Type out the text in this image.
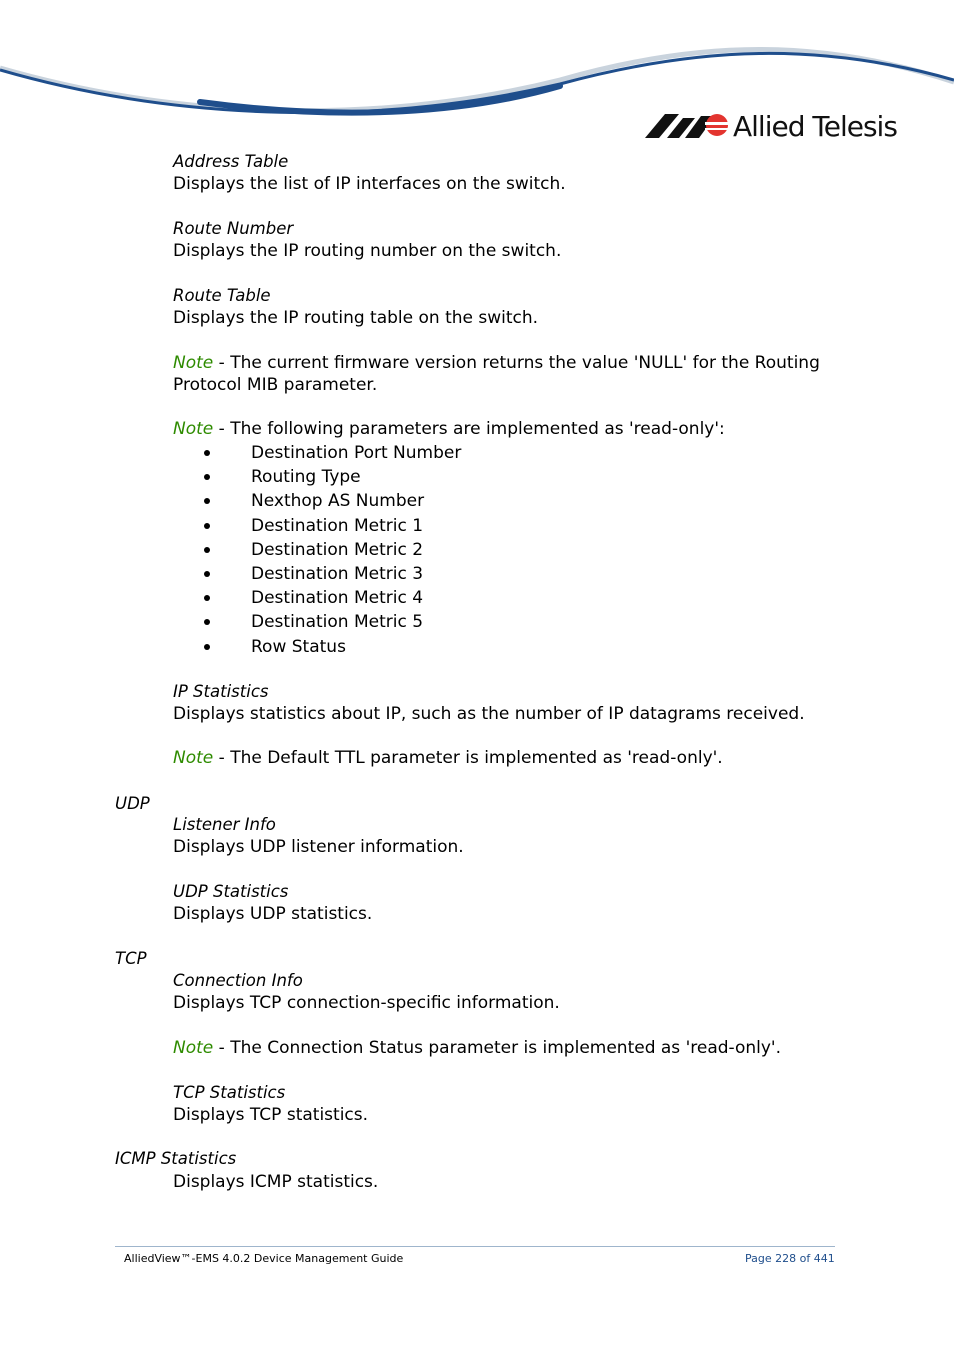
Allied Telesis
Address Table
Displays the list of IP interfaces on the switch.
Route Number
Displays the IP routing number on the switch.
Route Table
Displays the IP routing table on the switch.
Note - The current firmware version returns the value 'NULL' for the Routing
Protocol MIB parameter.
Note - The following parameters are implemented as 'read-only':
Destination Port Number
Routing Type
Nexthop AS Number
Destination Metric 1
Destination Metric 2
Destination Metric 3
Destination Metric 4
Destination Metric 5
Row Status
IP Statistics
Displays statistics about IP, such as the number of IP datagrams received.
Note - The Default TTL parameter is implemented as 'read-only'.
UDP
Listener Info
Displays UDP listener information.
UDP Statistics
Displays UDP statistics.
TCP
Connection Info
Displays TCP connection-specific information.
Note - The Connection Status parameter is implemented as 'read-only'.
TCP Statistics
Displays TCP statistics.
ICMP Statistics
Displays ICMP statistics.
AlliedView™-EMS 4.0.2 Device Management Guide	Page 228 of 441
